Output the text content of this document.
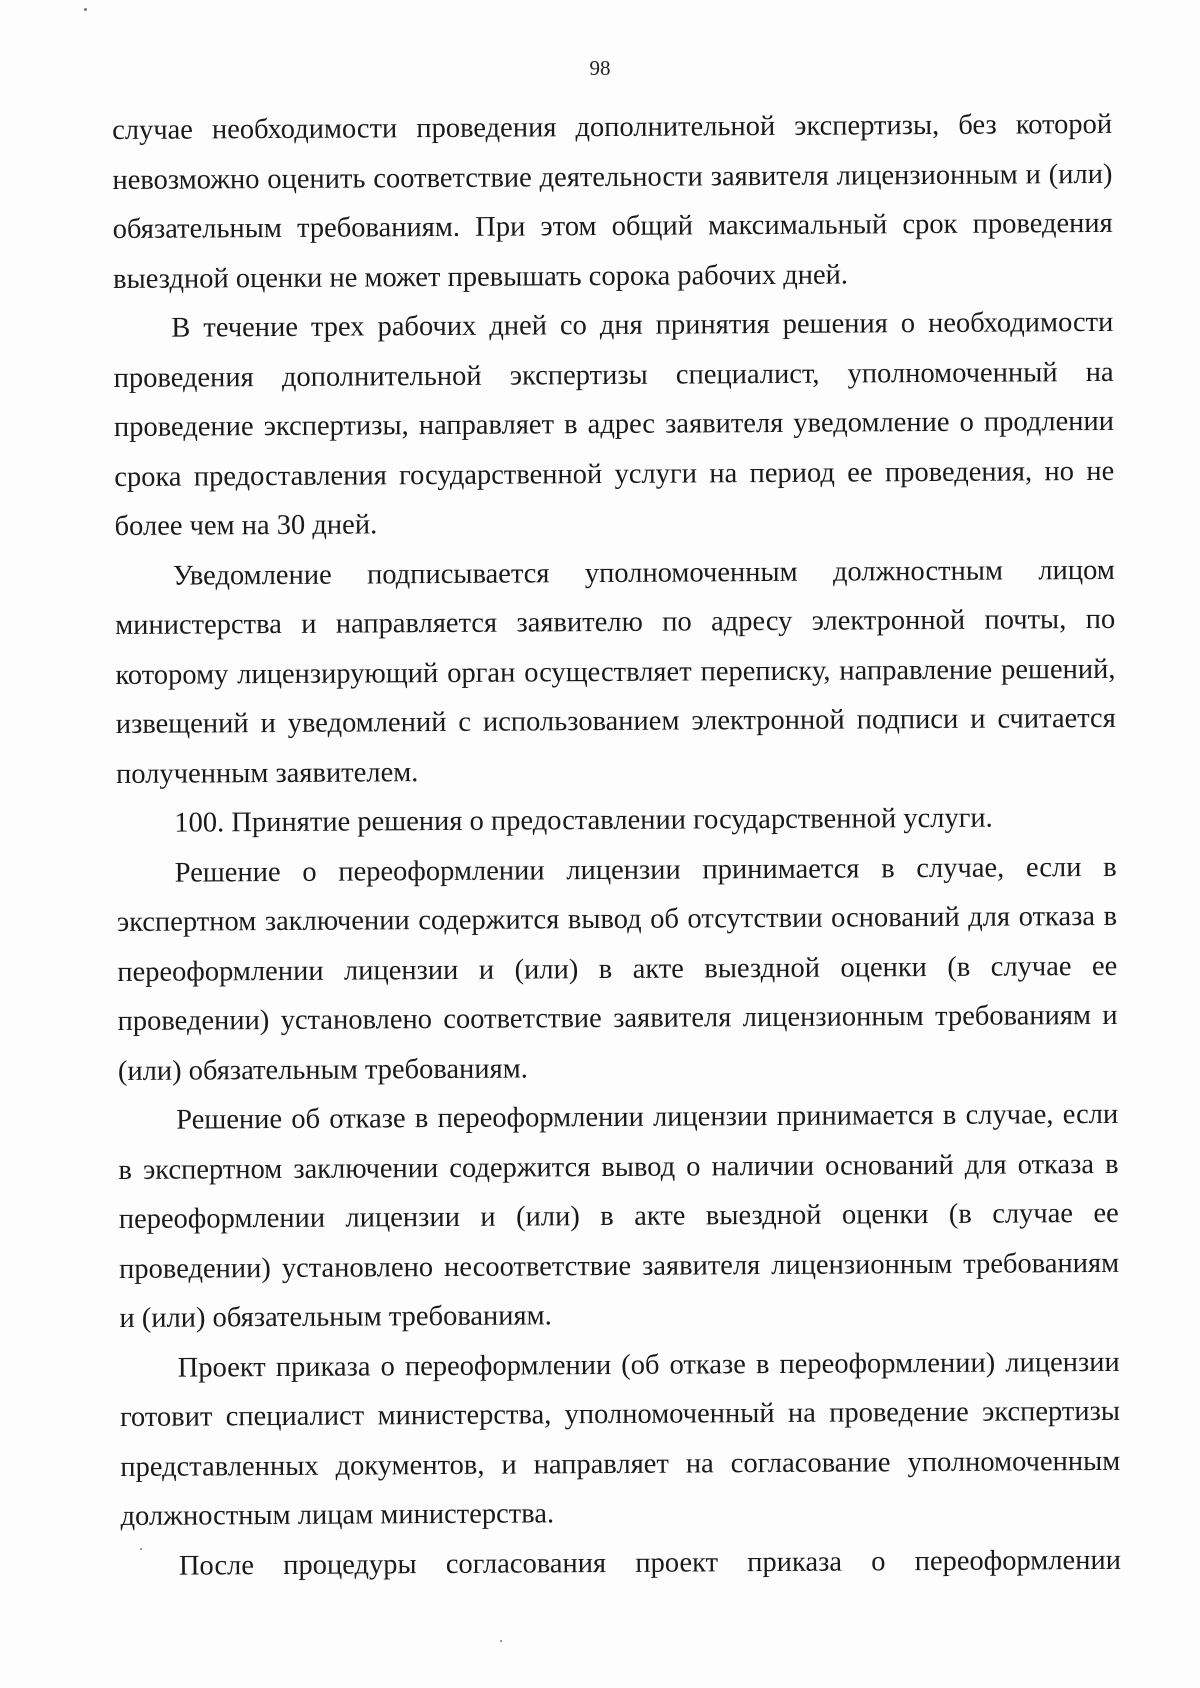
98

случае необходимости проведения дополнительной экспертизы, без которой невозможно оценить соответствие деятельности заявителя лицензионным и (или) обязательным требованиям. При этом общий максимальный срок проведения выездной оценки не может превышать сорока рабочих дней.

В течение трех рабочих дней со дня принятия решения о необходимости проведения дополнительной экспертизы специалист, уполномоченный на проведение экспертизы, направляет в адрес заявителя уведомление о продлении срока предоставления государственной услуги на период ее проведения, но не более чем на 30 дней.

Уведомление подписывается уполномоченным должностным лицом министерства и направляется заявителю по адресу электронной почты, по которому лицензирующий орган осуществляет переписку, направление решений, извещений и уведомлений с использованием электронной подписи и считается полученным заявителем.

100. Принятие решения о предоставлении государственной услуги.

Решение о переоформлении лицензии принимается в случае, если в экспертном заключении содержится вывод об отсутствии оснований для отказа в переоформлении лицензии и (или) в акте выездной оценки (в случае ее проведении) установлено соответствие заявителя лицензионным требованиям и (или) обязательным требованиям.

Решение об отказе в переоформлении лицензии принимается в случае, если в экспертном заключении содержится вывод о наличии оснований для отказа в переоформлении лицензии и (или) в акте выездной оценки (в случае ее проведении) установлено несоответствие заявителя лицензионным требованиям и (или) обязательным требованиям.

Проект приказа о переоформлении (об отказе в переоформлении) лицензии готовит специалист министерства, уполномоченный на проведение экспертизы представленных документов, и направляет на согласование уполномоченным должностным лицам министерства.

После процедуры согласования проект приказа о переоформлении
